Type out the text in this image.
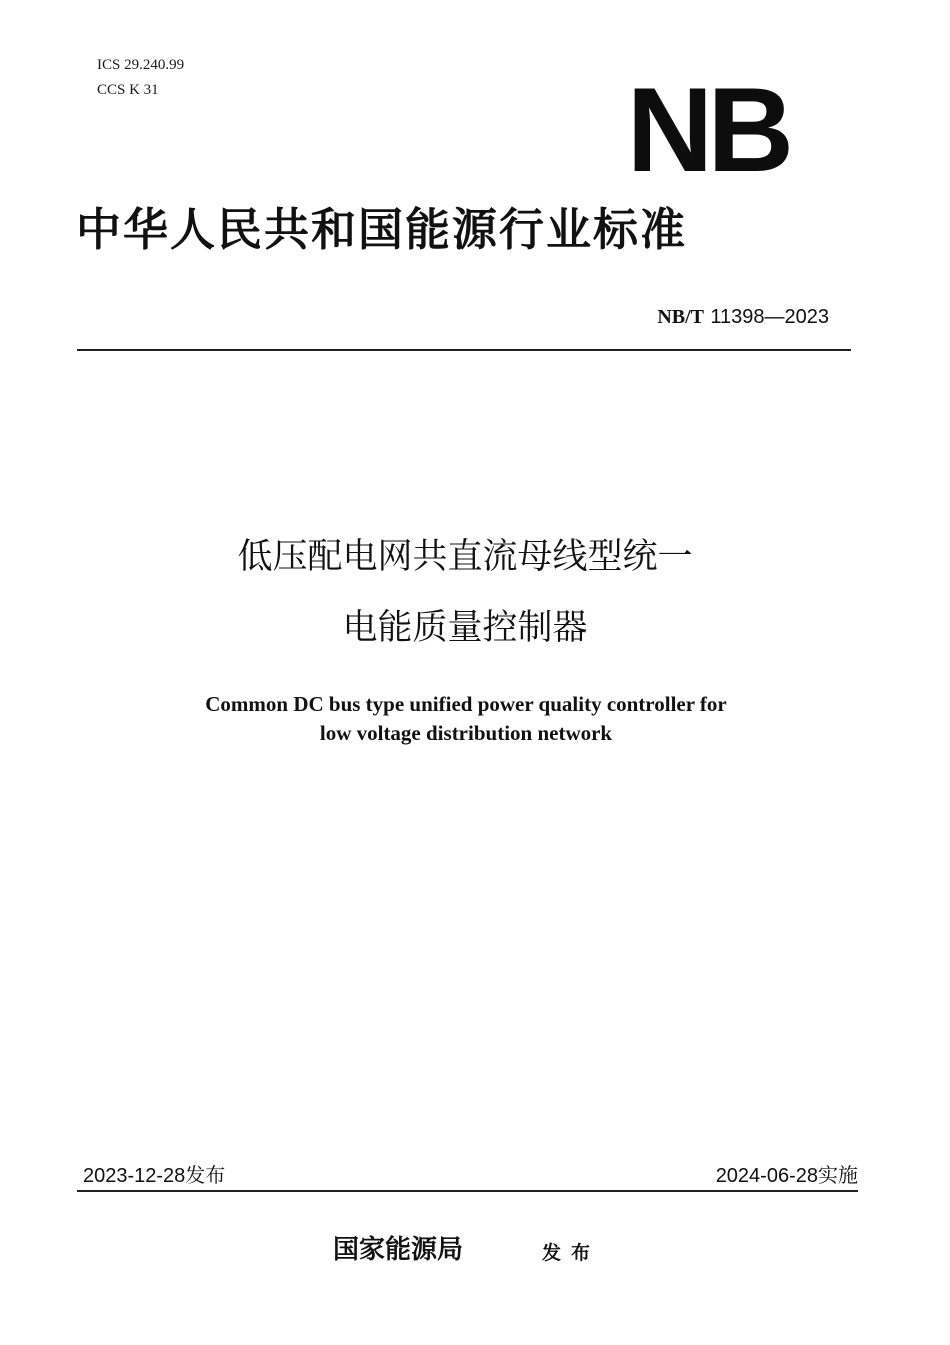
ICS 29.240.99
CCS K 31	NB
中华人民共和国能源行业标准
NB/T 11398—2023
低压配电网共直流母线型统一
电能质量控制器
Common DC bus type unified power quality controller for
low voltage distribution network
2023-12-28发布	2024-06-28实施
国家能源局	发布
